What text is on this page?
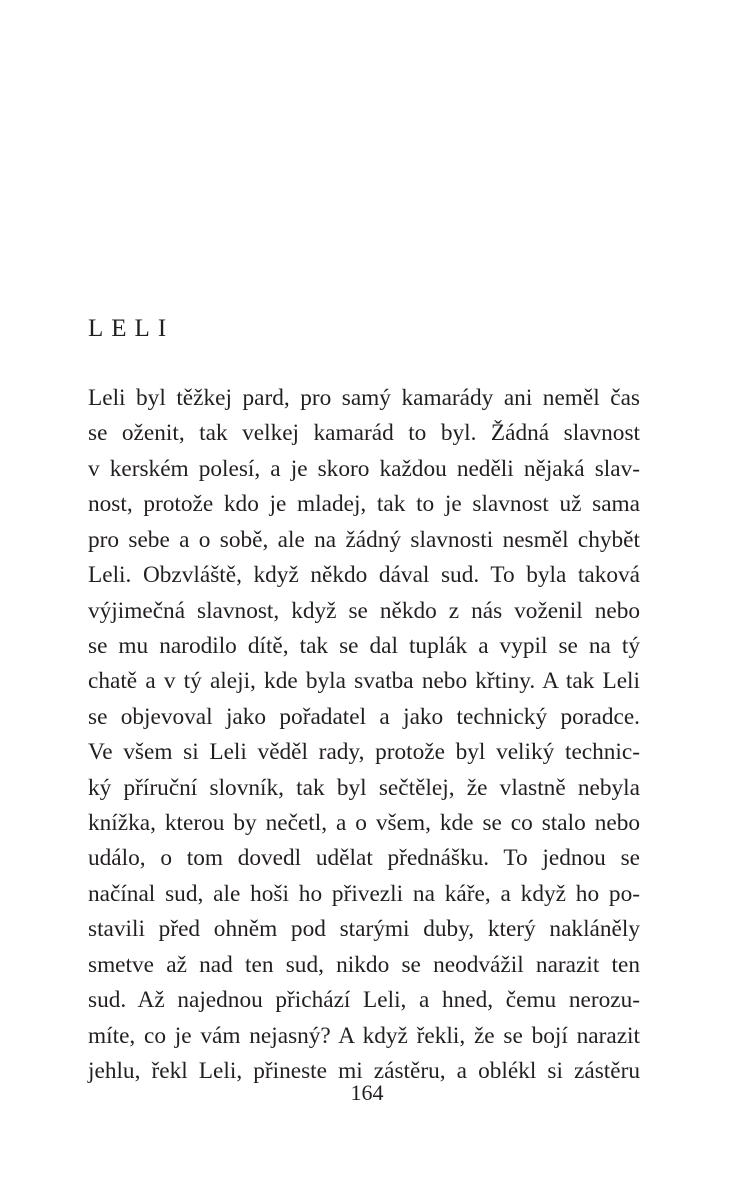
LELI
Leli byl těžkej pard, pro samý kamarády ani neměl čas
se oženit, tak velkej kamarád to byl. Žádná slavnost
v kerském polesí, a je skoro každou neděli nějaká slav-
nost, protože kdo je mladej, tak to je slavnost už sama
pro sebe a o sobě, ale na žádný slavnosti nesměl chybět
Leli. Obzvláště, když někdo dával sud. To byla taková
výjimečná slavnost, když se někdo z nás voženil nebo
se mu narodilo dítě, tak se dal tuplák a vypil se na tý
chatě a v tý aleji, kde byla svatba nebo křtiny. A tak Leli
se objevoval jako pořadatel a jako technický poradce.
Ve všem si Leli věděl rady, protože byl veliký technic-
ký příruční slovník, tak byl sečtělej, že vlastně nebyla
knížka, kterou by nečetl, a o všem, kde se co stalo nebo
událo, o tom dovedl udělat přednášku. To jednou se
načínal sud, ale hoši ho přivezli na káře, a když ho po-
stavili před ohněm pod starými duby, který nakláněly
smetve až nad ten sud, nikdo se neodvážil narazit ten
sud. Až najednou přichází Leli, a hned, čemu nerozu-
míte, co je vám nejasný? A když řekli, že se bojí narazit
jehlu, řekl Leli, přineste mi zástěru, a oblékl si zástěru
164
